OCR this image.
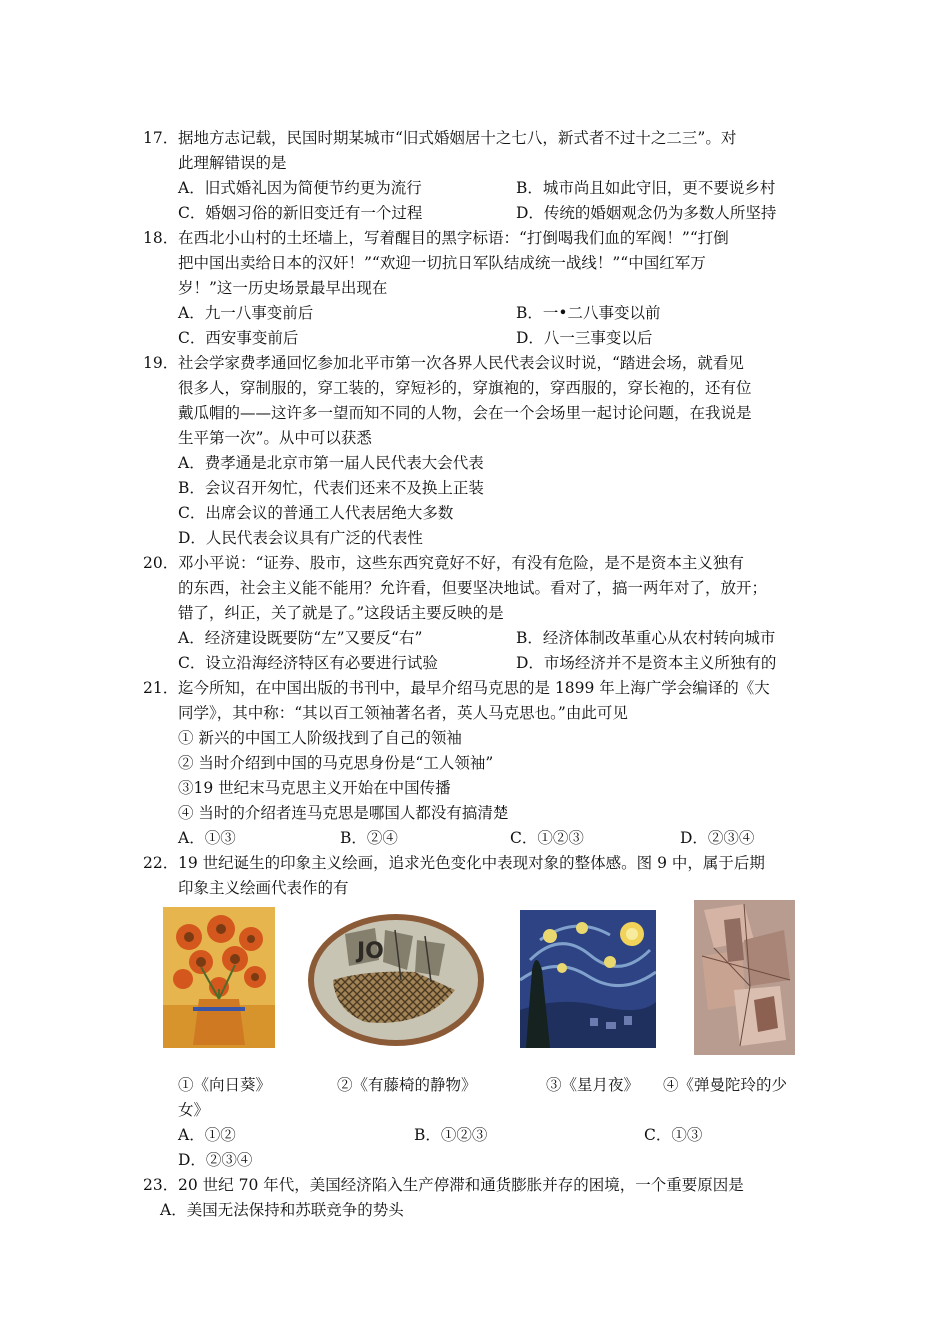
17． 据地方志记载，民国时期某城市“旧式婚姻居十之七八，新式者不过十之二三”。对
此理解错误的是
A．旧式婚礼因为简便节约更为流行	B．城市尚且如此守旧，更不要说乡村
C．婚姻习俗的新旧变迁有一个过程	D．传统的婚姻观念仍为多数人所坚持
18． 在西北小山村的土坯墙上，写着醒目的黑字标语：“打倒喝我们血的军阀！”“打倒
把中国出卖给日本的汉奸！”“欢迎一切抗日军队结成统一战线！”“中国红军万
岁！”这一历史场景最早出现在
A．九一八事变前后	B．一•二八事变以前
C．西安事变前后	D．八一三事变以后
19． 社会学家费孝通回忆参加北平市第一次各界人民代表会议时说，“踏进会场，就看见
很多人，穿制服的，穿工装的，穿短衫的，穿旗袍的，穿西服的，穿长袍的，还有位
戴瓜帽的——这许多一望而知不同的人物，会在一个会场里一起讨论问题，在我说是
生平第一次”。从中可以获悉
A．费孝通是北京市第一届人民代表大会代表
B．会议召开匆忙，代表们还来不及换上正装
C．出席会议的普通工人代表居绝大多数
D．人民代表会议具有广泛的代表性
20． 邓小平说：“证券、股市，这些东西究竟好不好，有没有危险，是不是资本主义独有
的东西，社会主义能不能用？允许看，但要坚决地试。看对了，搞一两年对了，放开；
错了，纠正，关了就是了。”这段话主要反映的是
A．经济建设既要防“左”又要反“右”	B．经济体制改革重心从农村转向城市
C．设立沿海经济特区有必要进行试验	D．市场经济并不是资本主义所独有的
21． 迄今所知，在中国出版的书刊中，最早介绍马克思的是 1899 年上海广学会编译的《大
同学》，其中称：“其以百工领袖著名者，英人马克思也。”由此可见
① 新兴的中国工人阶级找到了自己的领袖
② 当时介绍到中国的马克思身份是“工人领袖”
③19 世纪末马克思主义开始在中国传播
④ 当时的介绍者连马克思是哪国人都没有搞清楚
A．①③	B．②④	C．①②③	D．②③④
22． 19 世纪诞生的印象主义绘画，追求光色变化中表现对象的整体感。图 9 中，属于后期
印象主义绘画代表作的有
JO
①《向日葵》	②《有藤椅的静物》	③《星月夜》 ④《弹曼陀玲的少
女》
A．①②	B．①②③	C．①③
D．②③④
23． 20 世纪 70 年代，美国经济陷入生产停滞和通货膨胀并存的困境，一个重要原因是
A．美国无法保持和苏联竞争的势头
